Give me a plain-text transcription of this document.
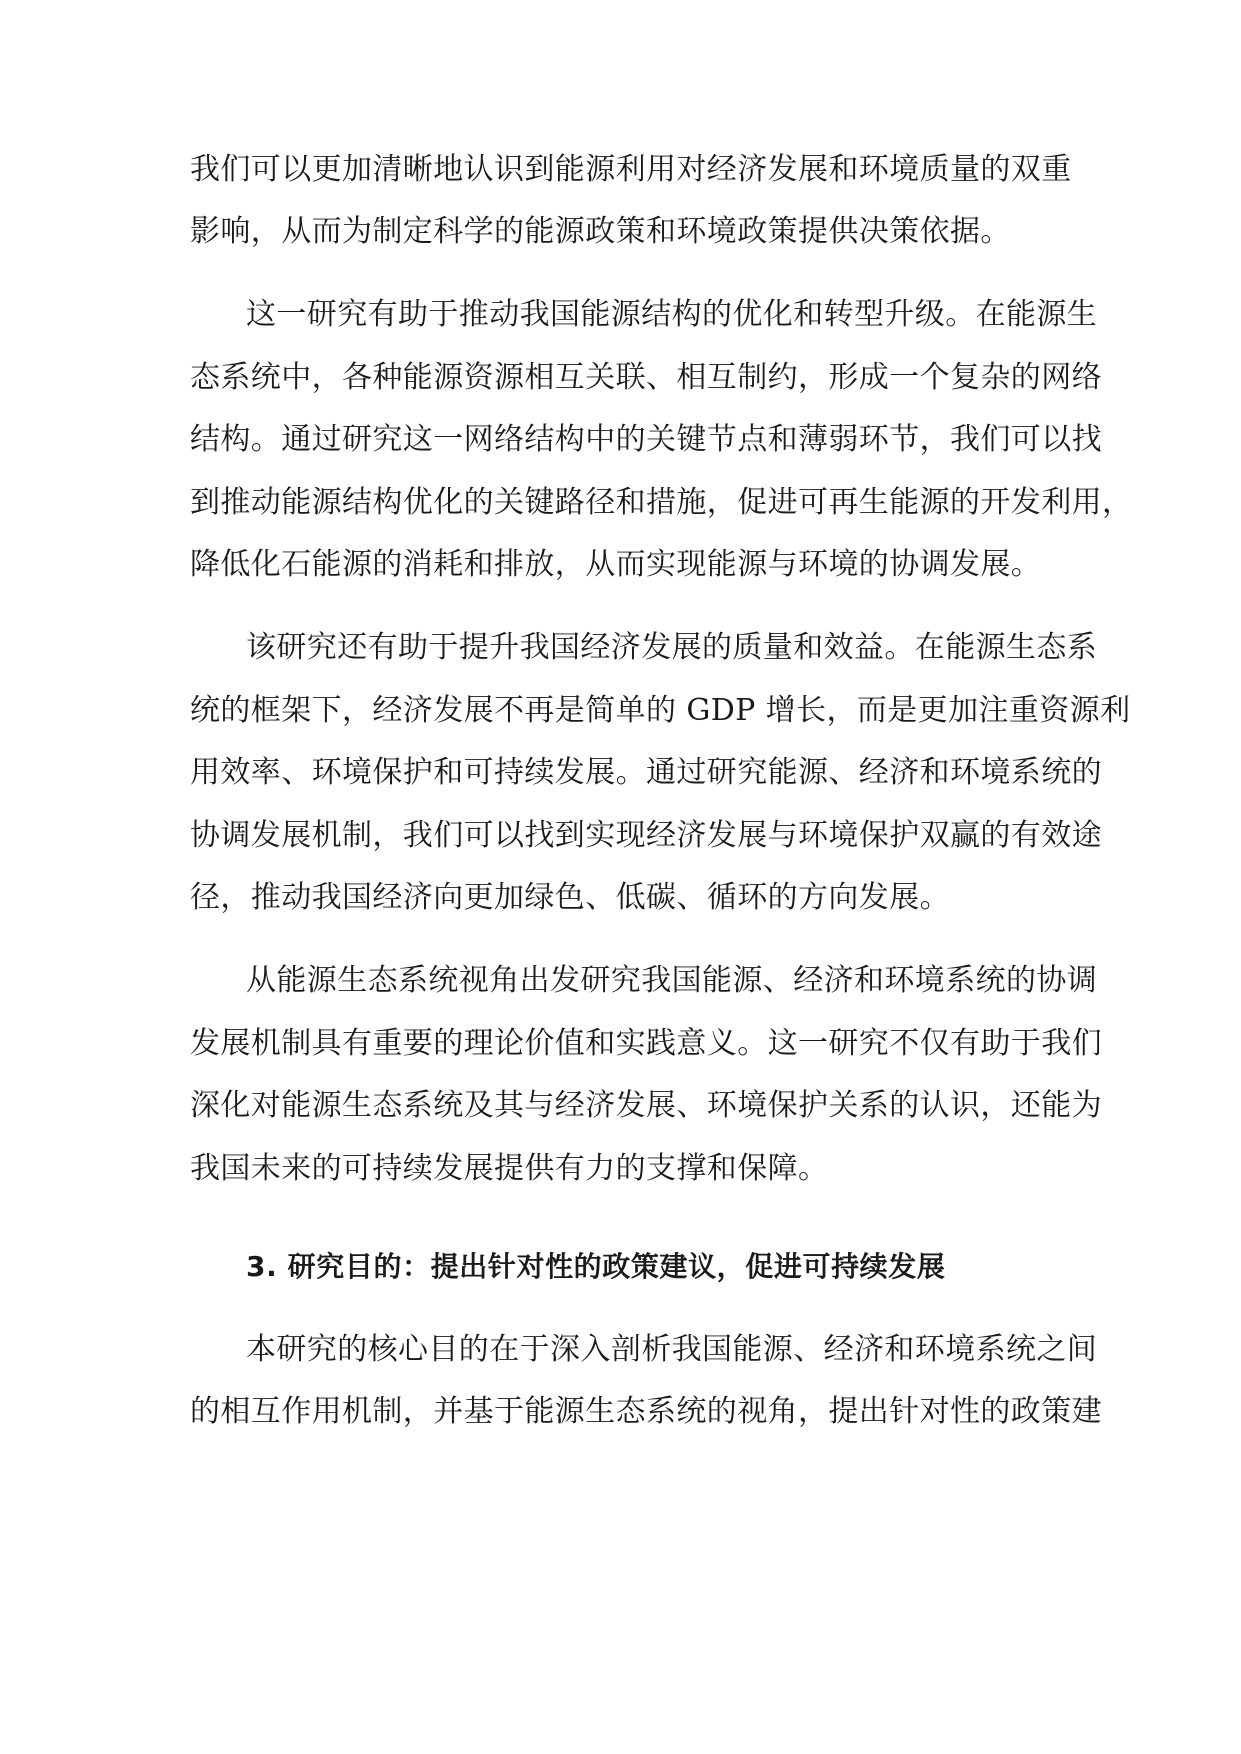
我们可以更加清晰地认识到能源利用对经济发展和环境质量的双重
影响，从而为制定科学的能源政策和环境政策提供决策依据。
这一研究有助于推动我国能源结构的优化和转型升级。在能源生
态系统中，各种能源资源相互关联、相互制约，形成一个复杂的网络
结构。通过研究这一网络结构中的关键节点和薄弱环节，我们可以找
到推动能源结构优化的关键路径和措施，促进可再生能源的开发利用，
降低化石能源的消耗和排放，从而实现能源与环境的协调发展。
该研究还有助于提升我国经济发展的质量和效益。在能源生态系
统的框架下，经济发展不再是简单的 GDP 增长，而是更加注重资源利
用效率、环境保护和可持续发展。通过研究能源、经济和环境系统的
协调发展机制，我们可以找到实现经济发展与环境保护双赢的有效途
径，推动我国经济向更加绿色、低碳、循环的方向发展。
从能源生态系统视角出发研究我国能源、经济和环境系统的协调
发展机制具有重要的理论价值和实践意义。这一研究不仅有助于我们
深化对能源生态系统及其与经济发展、环境保护关系的认识，还能为
我国未来的可持续发展提供有力的支撑和保障。
3. 研究目的：提出针对性的政策建议，促进可持续发展
本研究的核心目的在于深入剖析我国能源、经济和环境系统之间
的相互作用机制，并基于能源生态系统的视角，提出针对性的政策建
